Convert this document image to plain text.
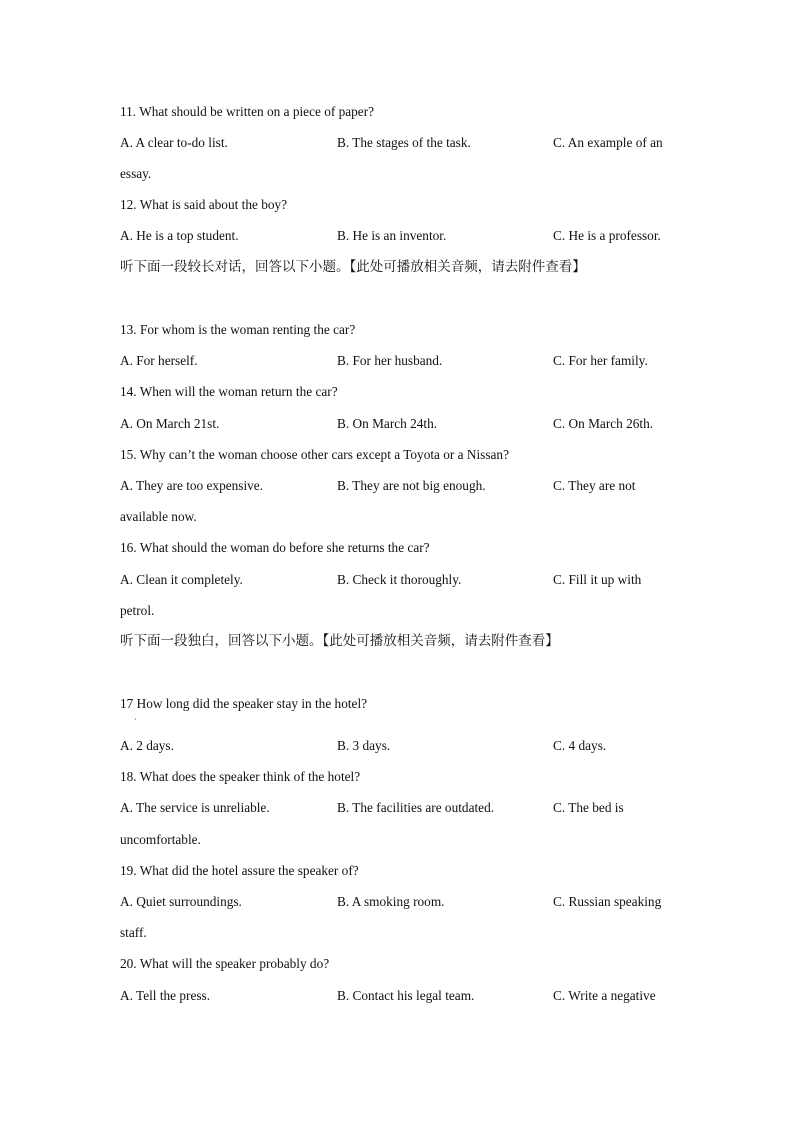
11. What should be written on a piece of paper?
A. A clear to-do list.	B. The stages of the task.	C. An example of an
essay.
12. What is said about the boy?
A. He is a top student.	B. He is an inventor.	C. He is a professor.
听下面一段较长对话，回答以下小题。【此处可播放相关音频，请去附件查看】
13. For whom is the woman renting the car?
A. For herself.	B. For her husband.	C. For her family.
14. When will the woman return the car?
A. On March 21st.	B. On March 24th.	C. On March 26th.
15. Why can’t the woman choose other cars except a Toyota or a Nissan?
A. They are too expensive.	B. They are not big enough.	C. They are not
available now.
16. What should the woman do before she returns the car?
A. Clean it completely.	B. Check it thoroughly.	C. Fill it up with
petrol.
听下面一段独白，回答以下小题。【此处可播放相关音频，请去附件查看】
17 How long did the speaker stay in the hotel?
·
A. 2 days.	B. 3 days.	C. 4 days.
18. What does the speaker think of the hotel?
A. The service is unreliable.	B. The facilities are outdated.	C. The bed is
uncomfortable.
19. What did the hotel assure the speaker of?
A. Quiet surroundings.	B. A smoking room.	C. Russian speaking
staff.
20. What will the speaker probably do?
A. Tell the press.	B. Contact his legal team.	C. Write a negative
